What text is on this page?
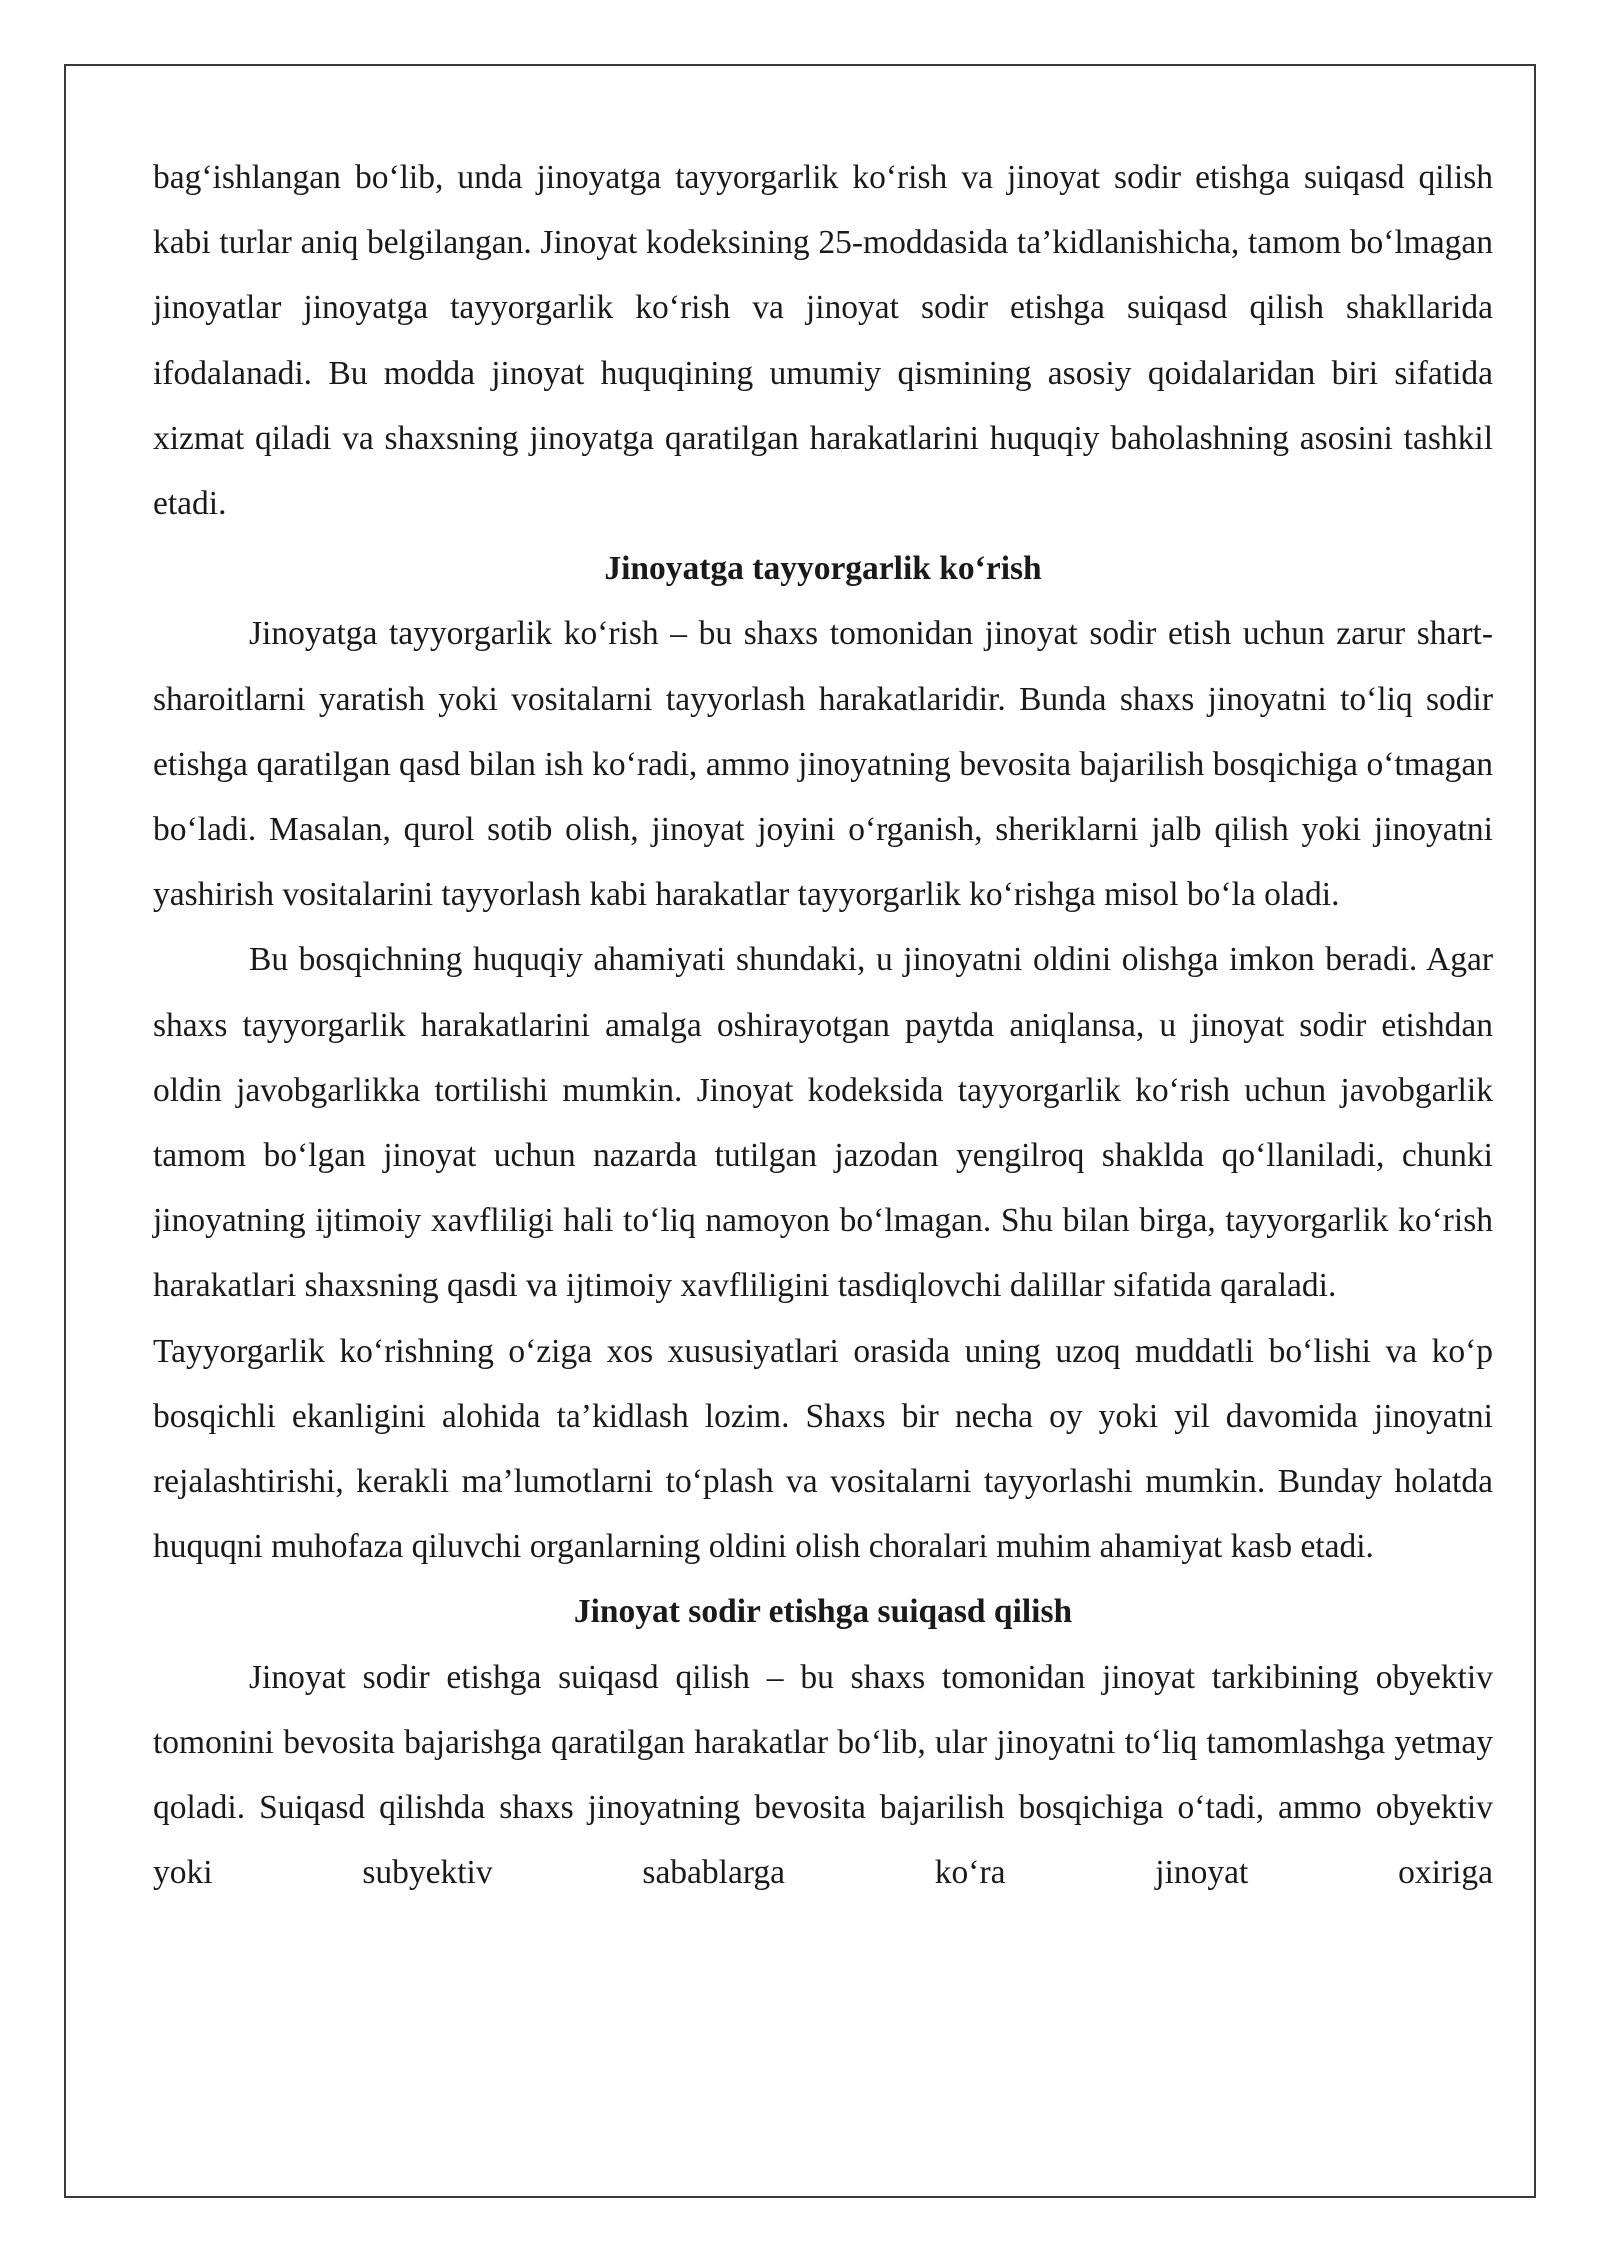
bag‘ishlangan bo‘lib, unda jinoyatga tayyorgarlik ko‘rish va jinoyat sodir etishga suiqasd qilish kabi turlar aniq belgilangan. Jinoyat kodeksining 25-moddasida ta’kidlanishicha, tamom bo‘lmagan jinoyatlar jinoyatga tayyorgarlik ko‘rish va jinoyat sodir etishga suiqasd qilish shakllarida ifodalanadi. Bu modda jinoyat huquqining umumiy qismining asosiy qoidalaridan biri sifatida xizmat qiladi va shaxsning jinoyatga qaratilgan harakatlarini huquqiy baholashning asosini tashkil etadi.

Jinoyatga tayyorgarlik ko‘rish

Jinoyatga tayyorgarlik ko‘rish – bu shaxs tomonidan jinoyat sodir etish uchun zarur shart-sharoitlarni yaratish yoki vositalarni tayyorlash harakatlaridir. Bunda shaxs jinoyatni to‘liq sodir etishga qaratilgan qasd bilan ish ko‘radi, ammo jinoyatning bevosita bajarilish bosqichiga o‘tmagan bo‘ladi. Masalan, qurol sotib olish, jinoyat joyini o‘rganish, sheriklarni jalb qilish yoki jinoyatni yashirish vositalarini tayyorlash kabi harakatlar tayyorgarlik ko‘rishga misol bo‘la oladi.

Bu bosqichning huquqiy ahamiyati shundaki, u jinoyatni oldini olishga imkon beradi. Agar shaxs tayyorgarlik harakatlarini amalga oshirayotgan paytda aniqlansa, u jinoyat sodir etishdan oldin javobgarlikka tortilishi mumkin. Jinoyat kodeksida tayyorgarlik ko‘rish uchun javobgarlik tamom bo‘lgan jinoyat uchun nazarda tutilgan jazodan yengilroq shaklda qo‘llaniladi, chunki jinoyatning ijtimoiy xavfliligi hali to‘liq namoyon bo‘lmagan. Shu bilan birga, tayyorgarlik ko‘rish harakatlari shaxsning qasdi va ijtimoiy xavfliligini tasdiqlovchi dalillar sifatida qaraladi.

Tayyorgarlik ko‘rishning o‘ziga xos xususiyatlari orasida uning uzoq muddatli bo‘lishi va ko‘p bosqichli ekanligini alohida ta’kidlash lozim. Shaxs bir necha oy yoki yil davomida jinoyatni rejalashtirishi, kerakli ma’lumotlarni to‘plash va vositalarni tayyorlashi mumkin. Bunday holatda huquqni muhofaza qiluvchi organlarning oldini olish choralari muhim ahamiyat kasb etadi.

Jinoyat sodir etishga suiqasd qilish

Jinoyat sodir etishga suiqasd qilish – bu shaxs tomonidan jinoyat tarkibining obyektiv tomonini bevosita bajarishga qaratilgan harakatlar bo‘lib, ular jinoyatni to‘liq tamomlashga yetmay qoladi. Suiqasd qilishda shaxs jinoyatning bevosita bajarilish bosqichiga o‘tadi, ammo obyektiv yoki subyektiv sabablarga ko‘ra jinoyat oxiriga
